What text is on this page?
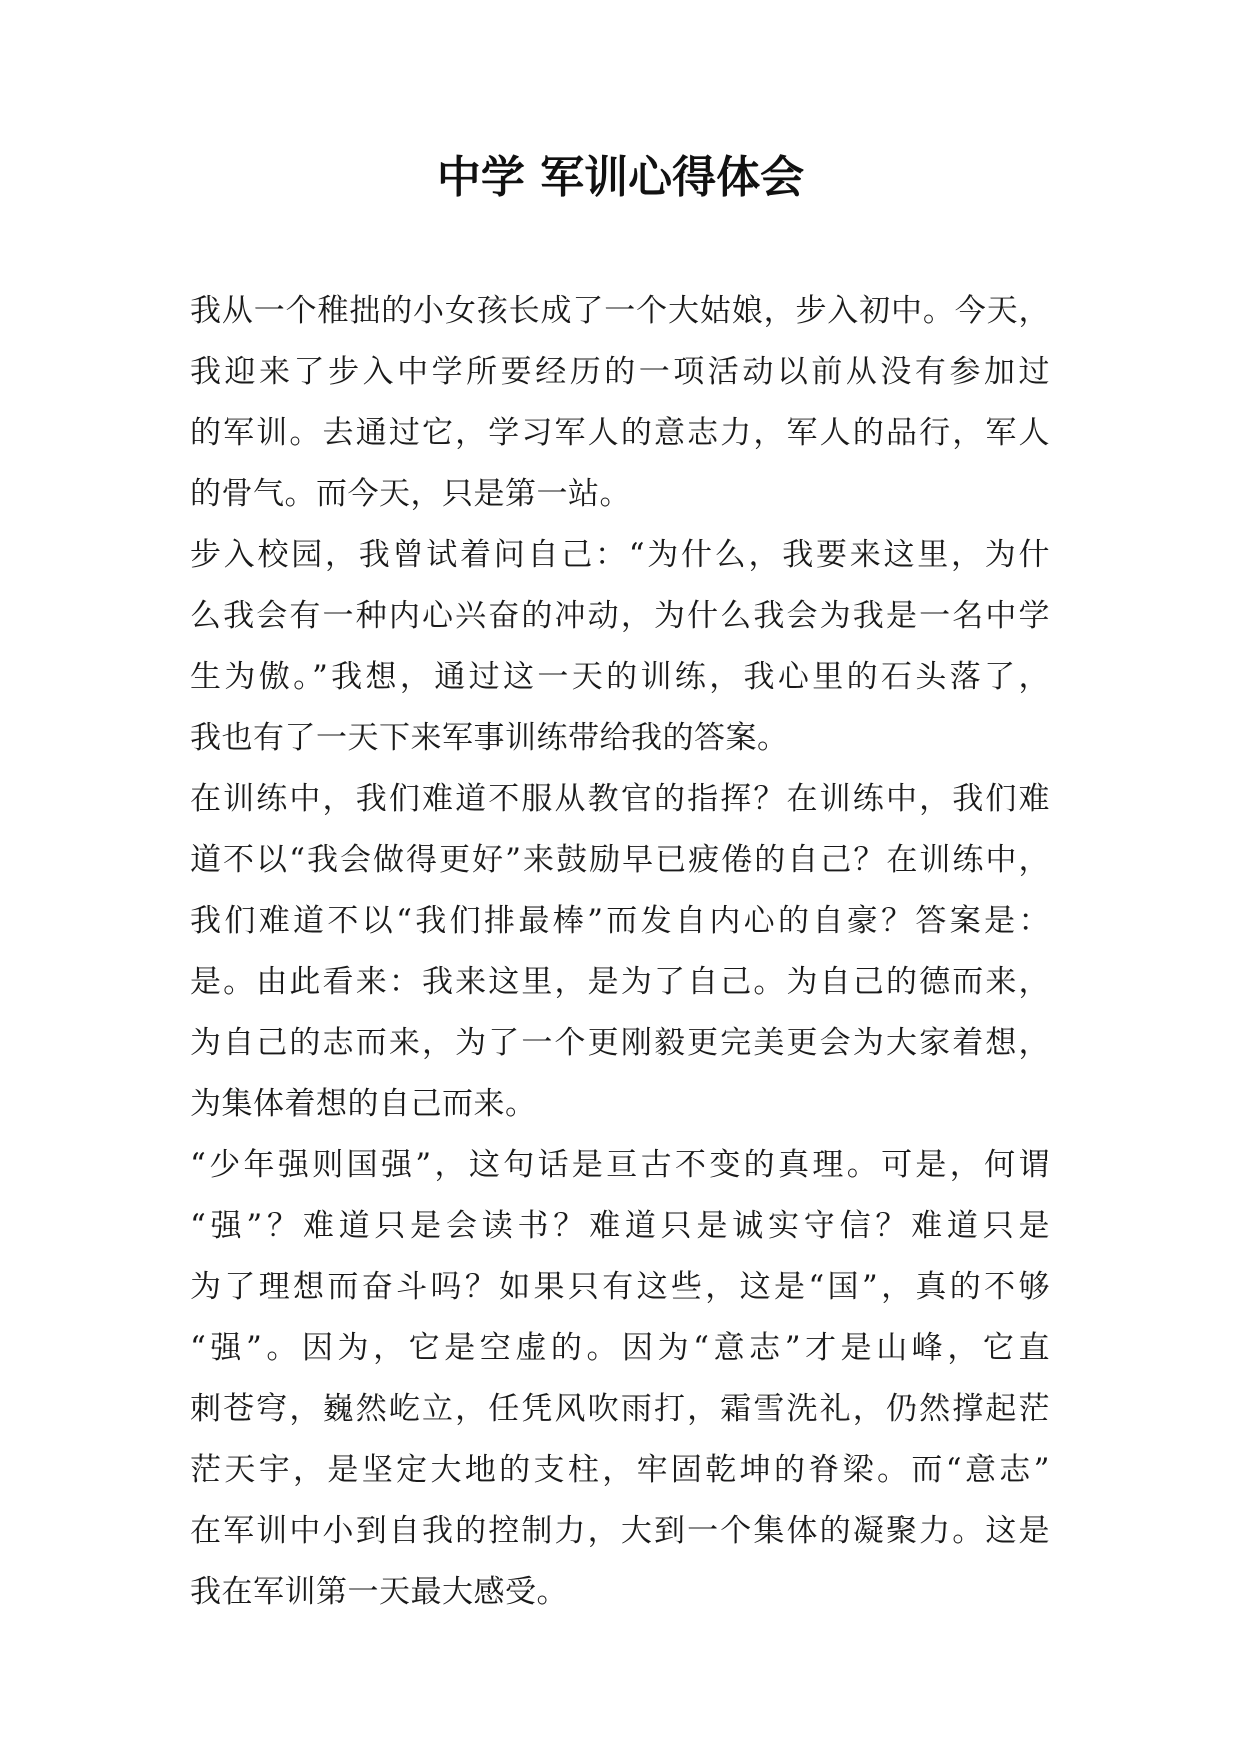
中学 军训心得体会
我从一个稚拙的小女孩长成了一个大姑娘，步入初中。今天，
我迎来了步入中学所要经历的一项活动以前从没有参加过
的军训。去通过它，学习军人的意志力，军人的品行，军人
的骨气。而今天，只是第一站。
步入校园，我曾试着问自己：“为什么，我要来这里，为什
么我会有一种内心兴奋的冲动，为什么我会为我是一名中学
生为傲。”我想，通过这一天的训练，我心里的石头落了，
我也有了一天下来军事训练带给我的答案。
在训练中，我们难道不服从教官的指挥？在训练中，我们难
道不以“我会做得更好”来鼓励早已疲倦的自己？在训练中，
我们难道不以“我们排最棒”而发自内心的自豪？答案是：
是。由此看来：我来这里，是为了自己。为自己的德而来，
为自己的志而来，为了一个更刚毅更完美更会为大家着想，
为集体着想的自己而来。
“少年强则国强”，这句话是亘古不变的真理。可是，何谓
“强”？难道只是会读书？难道只是诚实守信？难道只是
为了理想而奋斗吗？如果只有这些，这是“国”，真的不够
“强”。因为，它是空虚的。因为“意志”才是山峰，它直
刺苍穹，巍然屹立，任凭风吹雨打，霜雪洗礼，仍然撑起茫
茫天宇，是坚定大地的支柱，牢固乾坤的脊梁。而“意志”
在军训中小到自我的控制力，大到一个集体的凝聚力。这是
我在军训第一天最大感受。
